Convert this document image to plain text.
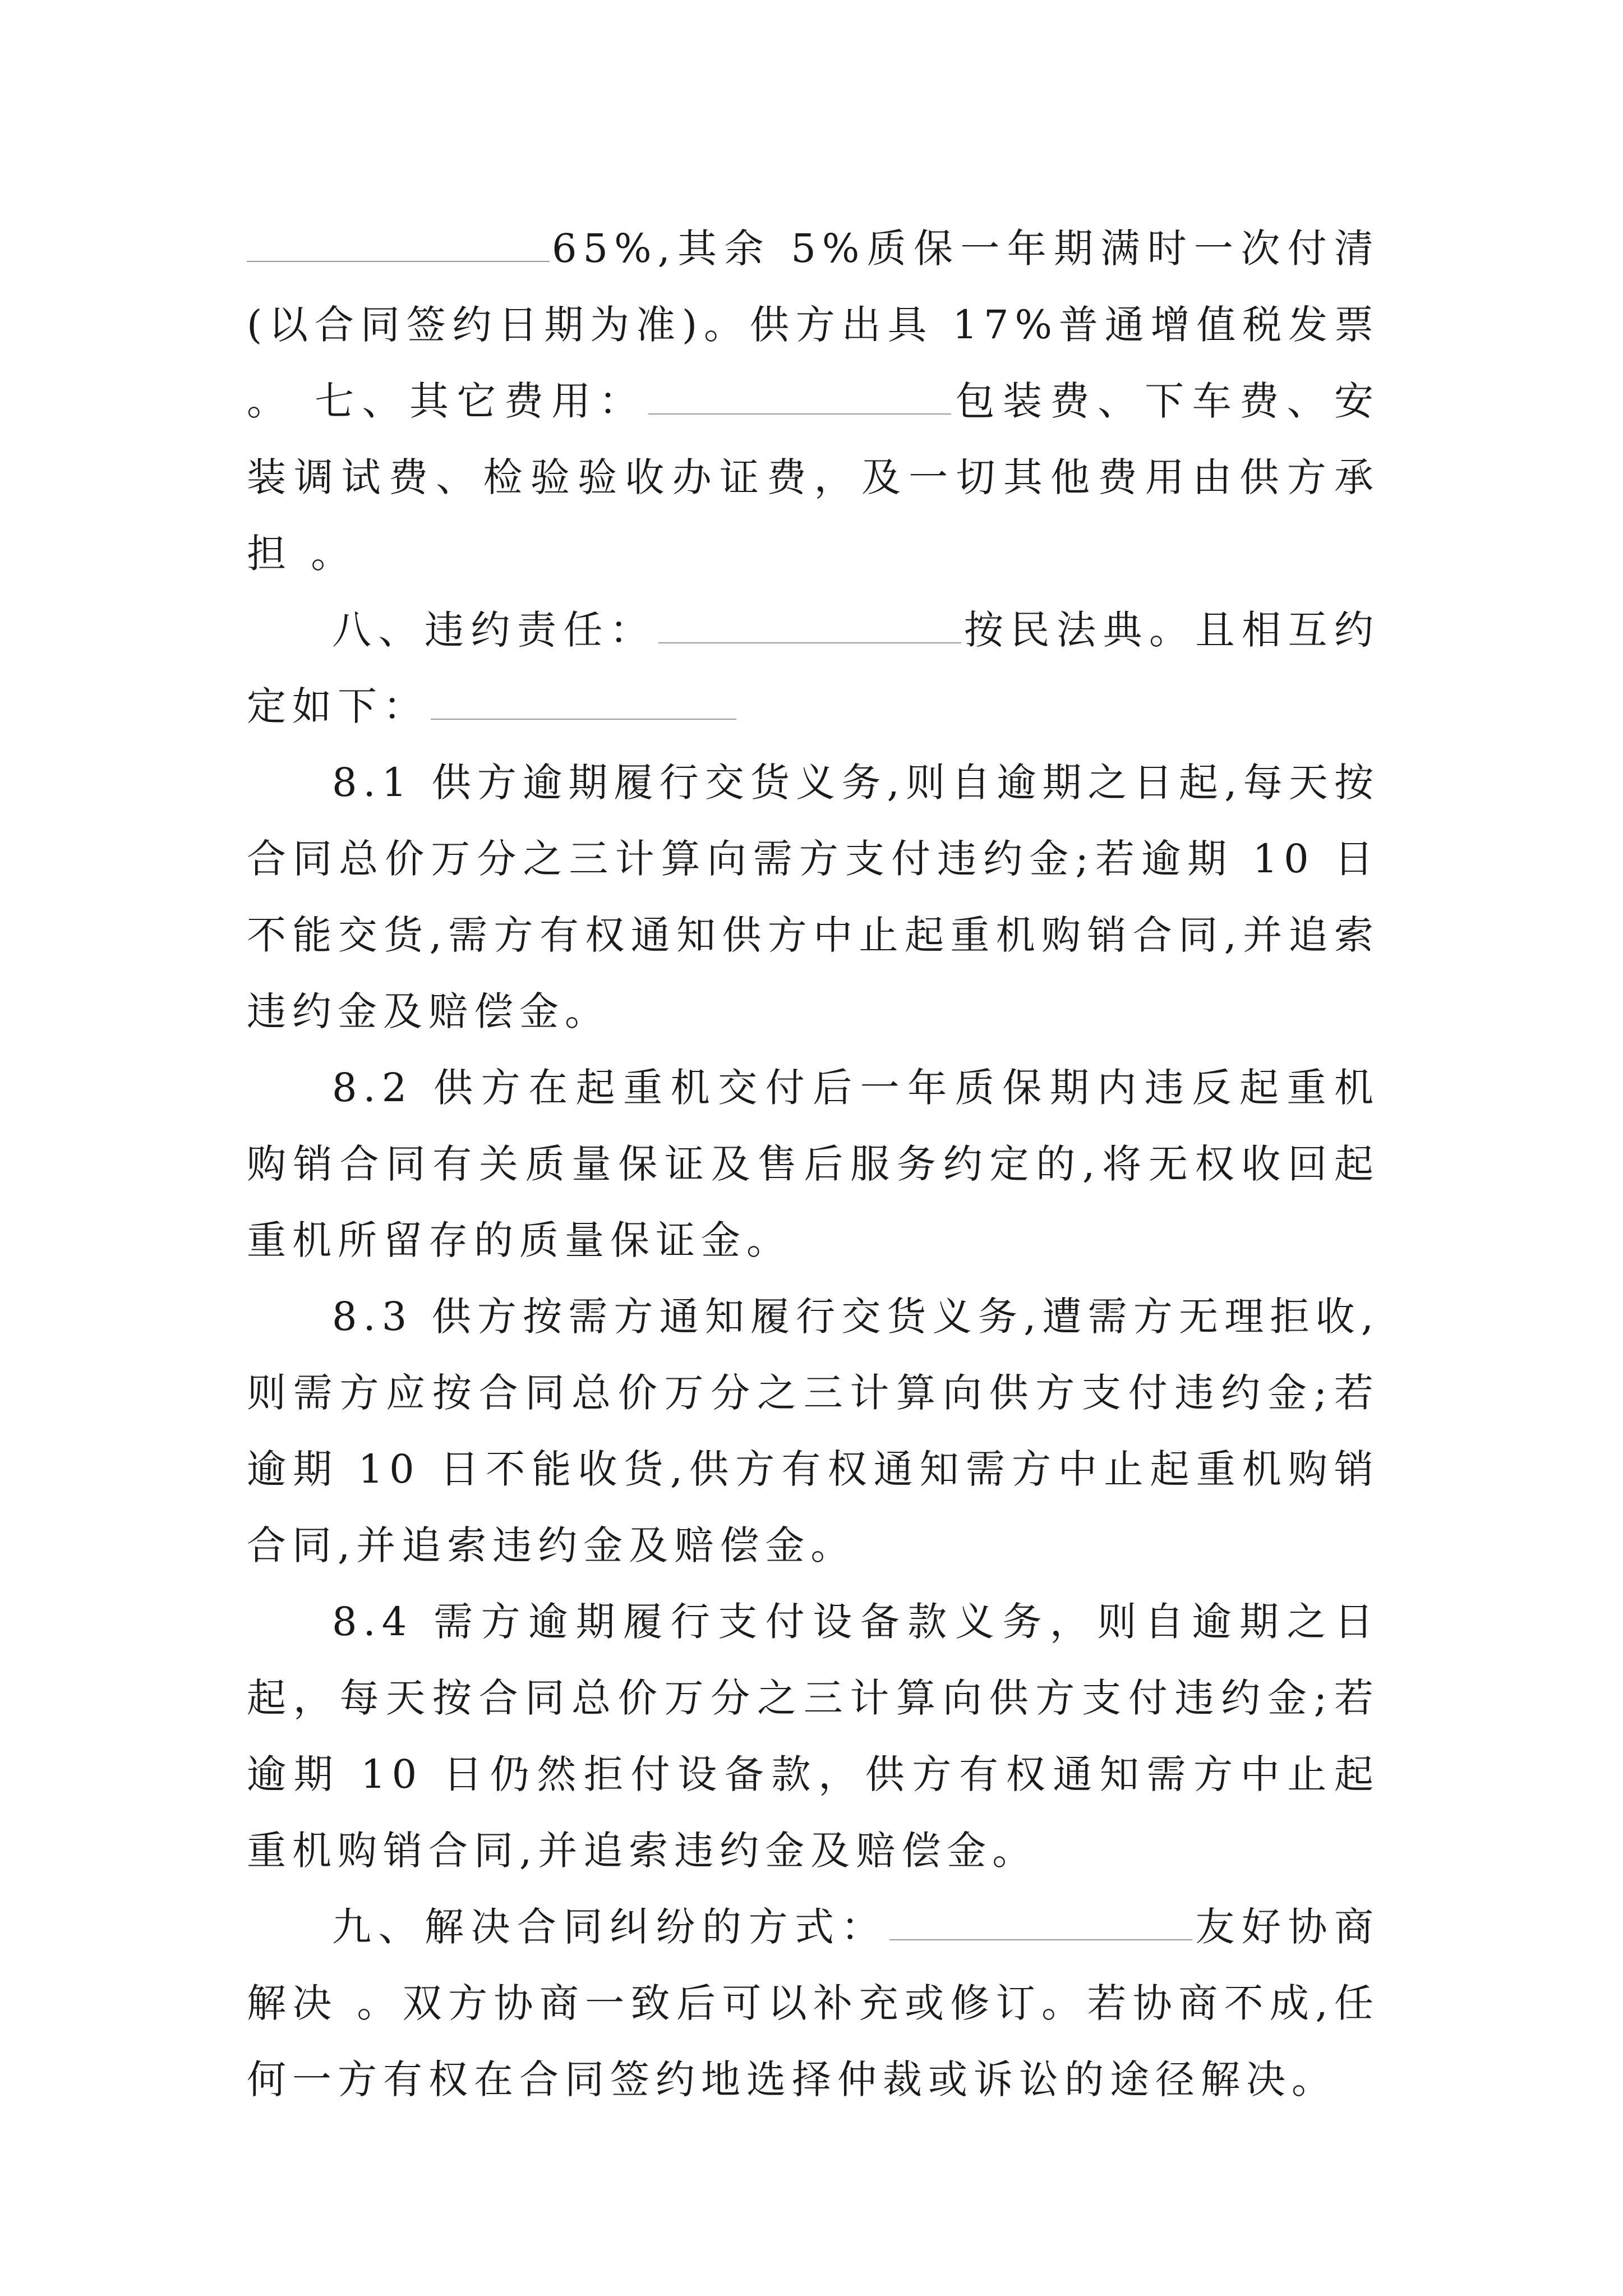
65%,其余 5%质保一年期满时一次付清(以合同签约日期为准)。供方出具 17%普通增值税发票 。 七、其它费用：	包装费、下车费、安装调试费、检验验收办证费，及一切其他费用由供方承担 。

八、违约责任：	按民法典。且相互约定如下：

8.1 供方逾期履行交货义务,则自逾期之日起,每天按合同总价万分之三计算向需方支付违约金;若逾期 10 日不能交货,需方有权通知供方中止起重机购销合同,并追索违约金及赔偿金。

8.2 供方在起重机交付后一年质保期内违反起重机购销合同有关质量保证及售后服务约定的,将无权收回起重机所留存的质量保证金。

8.3 供方按需方通知履行交货义务,遭需方无理拒收,则需方应按合同总价万分之三计算向供方支付违约金;若逾期 10 日不能收货,供方有权通知需方中止起重机购销合同,并追索违约金及赔偿金。

8.4 需方逾期履行支付设备款义务，则自逾期之日起，每天按合同总价万分之三计算向供方支付违约金;若逾期 10 日仍然拒付设备款，供方有权通知需方中止起重机购销合同,并追索违约金及赔偿金。

九、解决合同纠纷的方式：	友好协商解决 。双方协商一致后可以补充或修订。若协商不成,任何一方有权在合同签约地选择仲裁或诉讼的途径解决。
